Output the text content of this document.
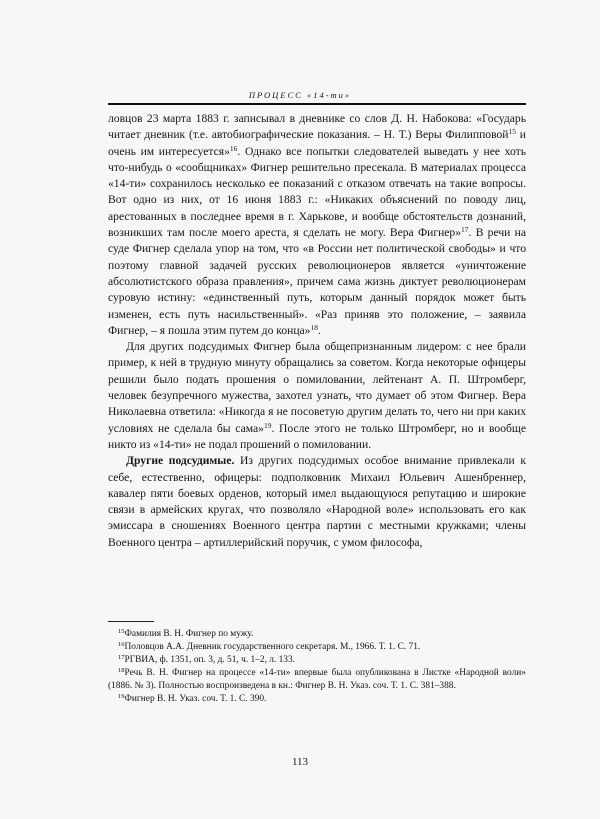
ПРОЦЕСС «14-ти»

ловцов 23 марта 1883 г. записывал в дневнике со слов Д. Н. Набокова: «Государь читает дневник (т.е. автобиографические показания. – Н. Т.) Веры Филипповой$^{15}$ и очень им интересуется»$^{16}$. Однако все попытки следователей выведать у нее хоть что-нибудь о «сообщниках» Фигнер решительно пресекала. В материалах процесса «14-ти» сохранилось несколько ее показаний с отказом отвечать на такие вопросы. Вот одно из них, от 16 июня 1883 г.: «Никаких объяснений по поводу лиц, арестованных в последнее время в г. Харькове, и вообще обстоятельств дознаний, возникших там после моего ареста, я сделать не могу. Вера Фигнер»$^{17}$. В речи на суде Фигнер сделала упор на том, что «в России нет политической свободы» и что поэтому главной задачей русских революционеров является «уничтожение абсолютистского образа правления», причем сама жизнь диктует революционерам суровую истину: «единственный путь, которым данный порядок может быть изменен, есть путь насильственный». «Раз приняв это положение, – заявила Фигнер, – я пошла этим путем до конца»$^{18}$.

Для других подсудимых Фигнер была общепризнанным лидером: с нее брали пример, к ней в трудную минуту обращались за советом. Когда некоторые офицеры решили было подать прошения о помиловании, лейтенант А. П. Штромберг, человек безупречного мужества, захотел узнать, что думает об этом Фигнер. Вера Николаевна ответила: «Никогда я не посоветую другим делать то, чего ни при каких условиях не сделала бы сама»$^{19}$. После этого не только Штромберг, но и вообще никто из «14-ти» не подал прошений о помиловании.

Другие подсудимые. Из других подсудимых особое внимание привлекали к себе, естественно, офицеры: подполковник Михаил Юльевич Ашенбреннер, кавалер пяти боевых орденов, который имел выдающуюся репутацию и широкие связи в армейских кругах, что позволяло «Народной воле» использовать его как эмиссара в сношениях Военного центра партии с местными кружками; члены Военного центра – артиллерийский поручик, с умом философа,

$^{15}$Фамилия В. Н. Фигнер по мужу.

$^{16}$Половцов А.А. Дневник государственного секретаря. М., 1966. Т. 1. С. 71.

$^{17}$РГВИА, ф. 1351, оп. 3, д. 51, ч. 1–2, л. 133.

$^{18}$Речь В. Н. Фигнер на процессе «14-ти» впервые была опубликована в Листке «Народной воли» (1886. № 3). Полностью воспроизведена в кн.: Фигнер В. Н. Указ. соч. Т. 1. С. 381–388.

$^{19}$Фигнер В. Н. Указ. соч. Т. 1. С. 390.

113
